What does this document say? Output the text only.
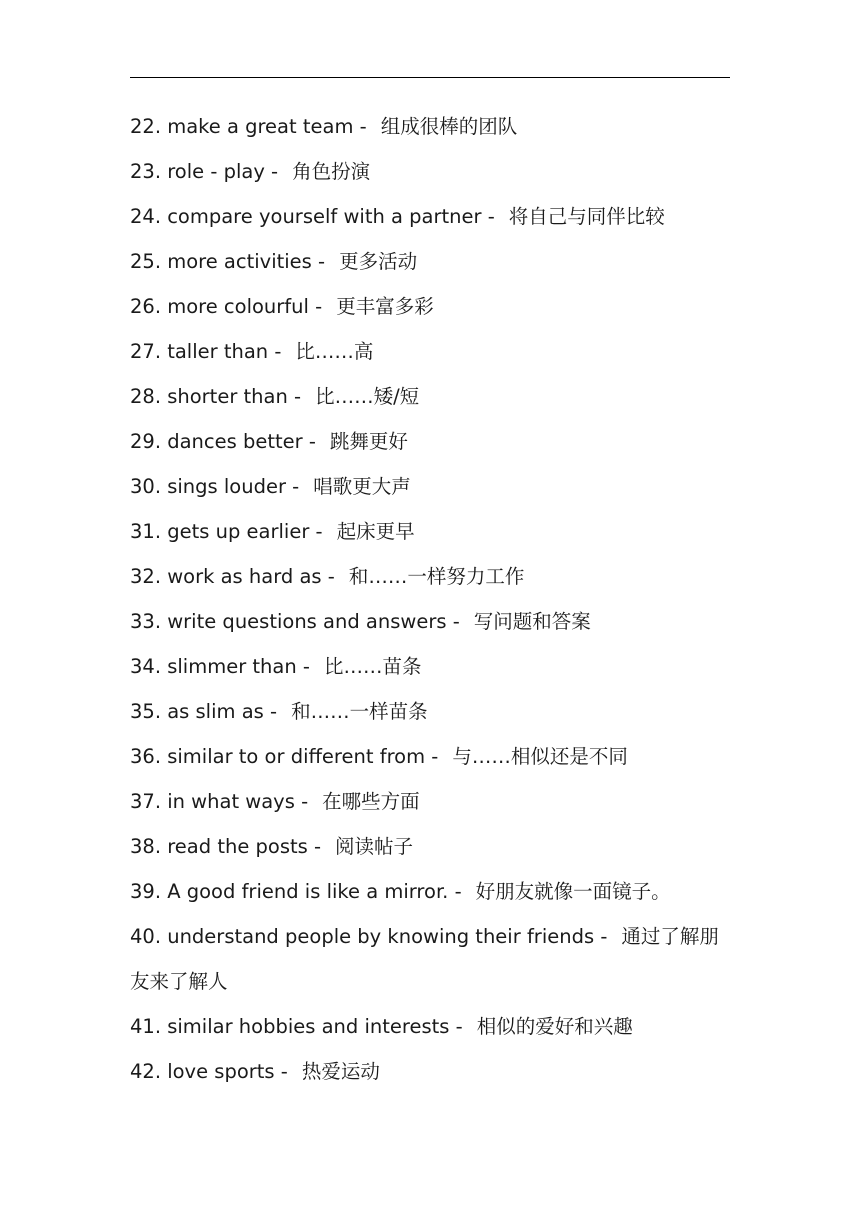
22. make a great team - 组成很棒的团队
23. role - play - 角色扮演
24. compare yourself with a partner - 将自己与同伴比较
25. more activities - 更多活动
26. more colourful - 更丰富多彩
27. taller than - 比……高
28. shorter than - 比……矮/短
29. dances better - 跳舞更好
30. sings louder - 唱歌更大声
31. gets up earlier - 起床更早
32. work as hard as - 和……一样努力工作
33. write questions and answers - 写问题和答案
34. slimmer than - 比……苗条
35. as slim as - 和……一样苗条
36. similar to or different from - 与……相似还是不同
37. in what ways - 在哪些方面
38. read the posts - 阅读帖子
39. A good friend is like a mirror. - 好朋友就像一面镜子。
40. understand people by knowing their friends - 通过了解朋友来了解人
41. similar hobbies and interests - 相似的爱好和兴趣
42. love sports - 热爱运动
